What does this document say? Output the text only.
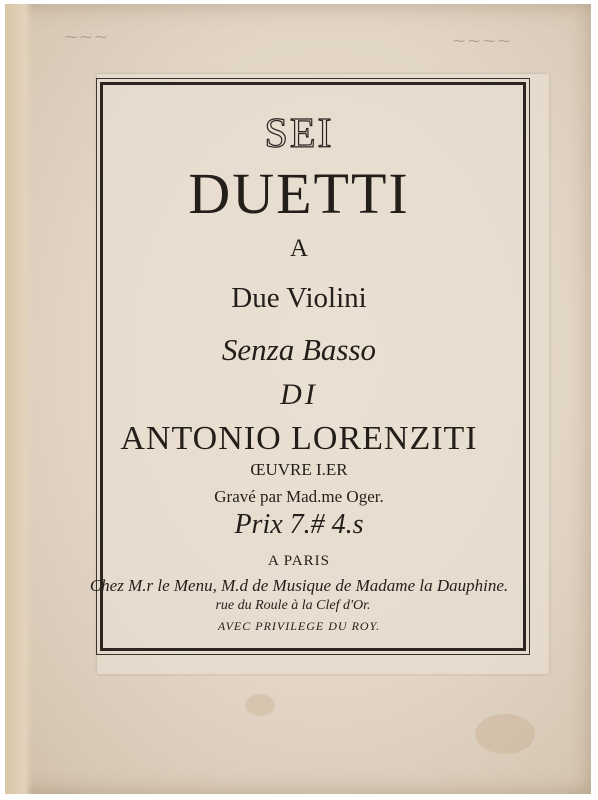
⁓ ⁓ ⁓	⁓ ⁓ ⁓ ⁓
SEI
DUETTI
A
Due Violini
Senza Basso
DI
ANTONIO LORENZITI
ŒUVRE I.ER
Gravé par Mad.me Oger.
Prix 7.# 4.s
A PARIS
Chez M.r le Menu, M.d de Musique de Madame la Dauphine.
rue du Roule à la Clef d'Or.
AVEC PRIVILEGE DU ROY.
